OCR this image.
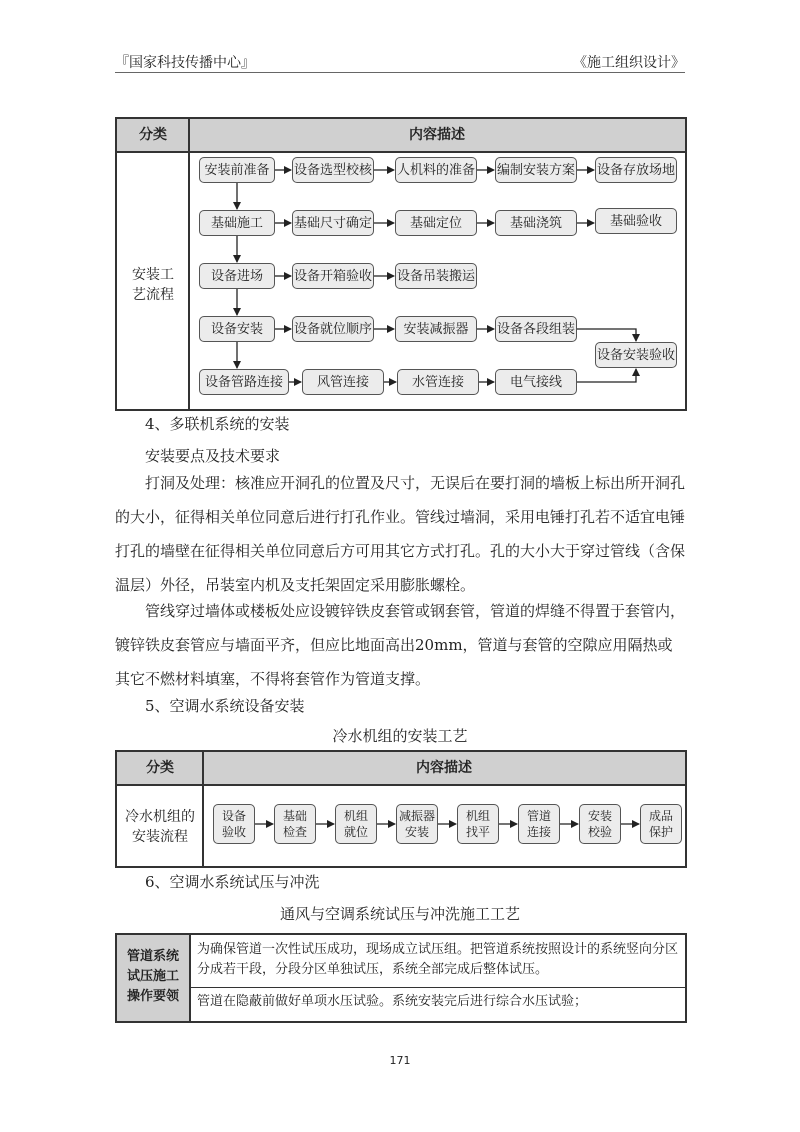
『国家科技传播中心』	《施工组织设计》
分类	内容描述
安装工艺流程
安装前准备	设备选型校核 人机料的准备 编制安装方案 设备存放场地
基础施工	基础尺寸确定	基础定位	基础浇筑	基础验收
设备进场	设备开箱验收 设备吊装搬运
设备安装	设备就位顺序	安装减振器	设备各段组装
设备安装验收
设备管路连接	风管连接	水管连接	电气接线
4、多联机系统的安装
安装要点及技术要求
打洞及处理：核准应开洞孔的位置及尺寸，无误后在要打洞的墙板上标出所开洞孔的大小，征得相关单位同意后进行打孔作业。管线过墙洞，采用电锤打孔若不适宜电锤打孔的墙壁在征得相关单位同意后方可用其它方式打孔。孔的大小大于穿过管线（含保温层）外径，吊装室内机及支托架固定采用膨胀螺栓。
管线穿过墙体或楼板处应设镀锌铁皮套管或钢套管，管道的焊缝不得置于套管内，镀锌铁皮套管应与墙面平齐，但应比地面高出20mm，管道与套管的空隙应用隔热或其它不燃材料填塞，不得将套管作为管道支撑。
5、空调水系统设备安装
冷水机组的安装工艺
分类	内容描述
冷水机组的
安装流程
设备
验收
基础
检查
机组
就位
减振器
安装
机组
找平
管道
连接
安装
校验
成品
保护
6、空调水系统试压与冲洗
通风与空调系统试压与冲洗施工工艺
管道系统
试压施工
操作要领
为确保管道一次性试压成功，现场成立试压组。把管道系统按照设计的系统竖向分区分成若干段，分段分区单独试压，系统全部完成后整体试压。
管道在隐蔽前做好单项水压试验。系统安装完后进行综合水压试验；
171
